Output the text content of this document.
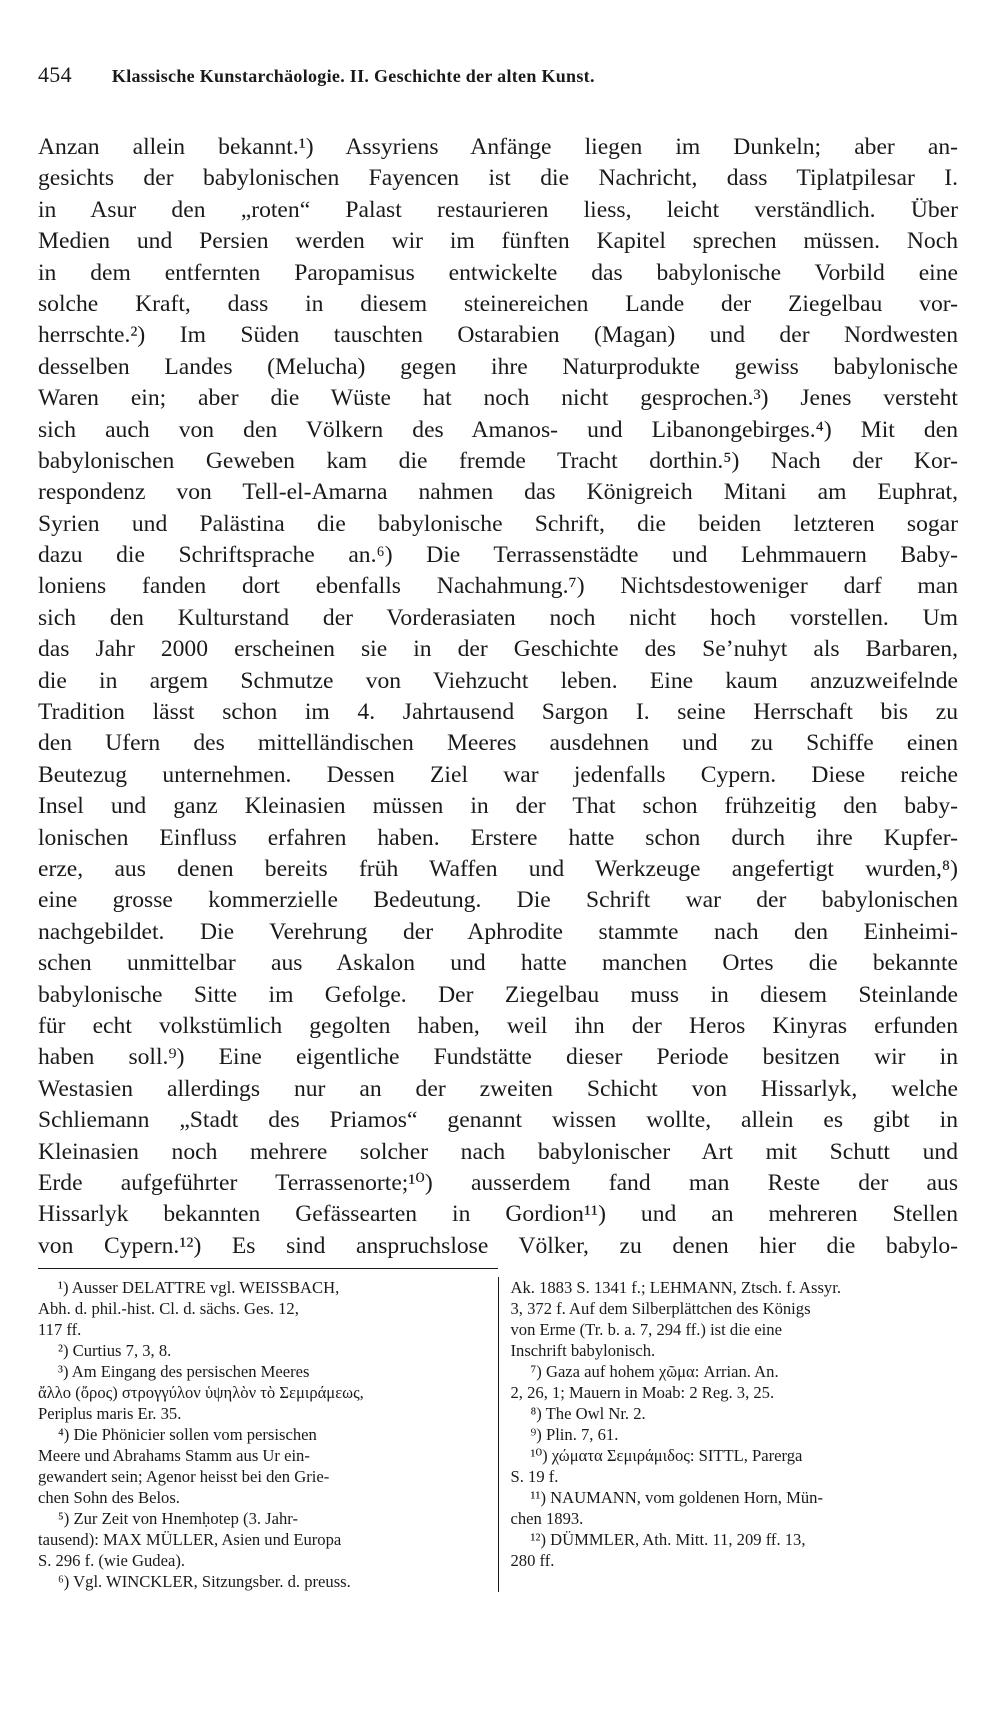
454 Klassische Kunstarchäologie. II. Geschichte der alten Kunst.
Anzan allein bekannt.¹) Assyriens Anfänge liegen im Dunkeln; aber an-
gesichts der babylonischen Fayencen ist die Nachricht, dass Tiplatpilesar I.
in Asur den „roten“ Palast restaurieren liess, leicht verständlich. Über
Medien und Persien werden wir im fünften Kapitel sprechen müssen. Noch
in dem entfernten Paropamisus entwickelte das babylonische Vorbild eine
solche Kraft, dass in diesem steinereichen Lande der Ziegelbau vor-
herrschte.²) Im Süden tauschten Ostarabien (Magan) und der Nordwesten
desselben Landes (Melucha) gegen ihre Naturprodukte gewiss babylonische
Waren ein; aber die Wüste hat noch nicht gesprochen.³) Jenes versteht
sich auch von den Völkern des Amanos- und Libanongebirges.⁴) Mit den
babylonischen Geweben kam die fremde Tracht dorthin.⁵) Nach der Kor-
respondenz von Tell-el-Amarna nahmen das Königreich Mitani am Euphrat,
Syrien und Palästina die babylonische Schrift, die beiden letzteren sogar
dazu die Schriftsprache an.⁶) Die Terrassenstädte und Lehmmauern Baby-
loniens fanden dort ebenfalls Nachahmung.⁷) Nichtsdestoweniger darf man
sich den Kulturstand der Vorderasiaten noch nicht hoch vorstellen. Um
das Jahr 2000 erscheinen sie in der Geschichte des Se’nuhyt als Barbaren,
die in argem Schmutze von Viehzucht leben. Eine kaum anzuzweifelnde
Tradition lässt schon im 4. Jahrtausend Sargon I. seine Herrschaft bis zu
den Ufern des mittelländischen Meeres ausdehnen und zu Schiffe einen
Beutezug unternehmen. Dessen Ziel war jedenfalls Cypern. Diese reiche
Insel und ganz Kleinasien müssen in der That schon frühzeitig den baby-
lonischen Einfluss erfahren haben. Erstere hatte schon durch ihre Kupfer-
erze, aus denen bereits früh Waffen und Werkzeuge angefertigt wurden,⁸)
eine grosse kommerzielle Bedeutung. Die Schrift war der babylonischen
nachgebildet. Die Verehrung der Aphrodite stammte nach den Einheimi-
schen unmittelbar aus Askalon und hatte manchen Ortes die bekannte
babylonische Sitte im Gefolge. Der Ziegelbau muss in diesem Steinlande
für echt volkstümlich gegolten haben, weil ihn der Heros Kinyras erfunden
haben soll.⁹) Eine eigentliche Fundstätte dieser Periode besitzen wir in
Westasien allerdings nur an der zweiten Schicht von Hissarlyk, welche
Schliemann „Stadt des Priamos“ genannt wissen wollte, allein es gibt in
Kleinasien noch mehrere solcher nach babylonischer Art mit Schutt und
Erde aufgeführter Terrassenorte;¹⁰) ausserdem fand man Reste der aus
Hissarlyk bekannten Gefässearten in Gordion¹¹) und an mehreren Stellen
von Cypern.¹²) Es sind anspruchslose Völker, zu denen hier die babylo-
¹) Ausser DELATTRE vgl. WEISSBACH,
Abh. d. phil.-hist. Cl. d. sächs. Ges. 12,
117 ff.
²) Curtius 7, 3, 8.
³) Am Eingang des persischen Meeres
ἄλλο (ὄρος) στρογγύλον ὑψηλὸν τὸ Σεμιράμεως,
Periplus maris Er. 35.
⁴) Die Phönicier sollen vom persischen
Meere und Abrahams Stamm aus Ur ein-
gewandert sein; Agenor heisst bei den Grie-
chen Sohn des Belos.
⁵) Zur Zeit von Hnemḥotep (3. Jahr-
tausend): MAX MÜLLER, Asien und Europa
S. 296 f. (wie Gudea).
⁶) Vgl. WINCKLER, Sitzungsber. d. preuss.
Ak. 1883 S. 1341 f.; LEHMANN, Ztsch. f. Assyr.
3, 372 f. Auf dem Silberplättchen des Königs
von Erme (Tr. b. a. 7, 294 ff.) ist die eine
Inschrift babylonisch.
⁷) Gaza auf hohem χῶμα: Arrian. An.
2, 26, 1; Mauern in Moab: 2 Reg. 3, 25.
⁸) The Owl Nr. 2.
⁹) Plin. 7, 61.
¹⁰) χώματα Σεμιράμιδος: SITTL, Parerga
S. 19 f.
¹¹) NAUMANN, vom goldenen Horn, Mün-
chen 1893.
¹²) DÜMMLER, Ath. Mitt. 11, 209 ff. 13,
280 ff.
